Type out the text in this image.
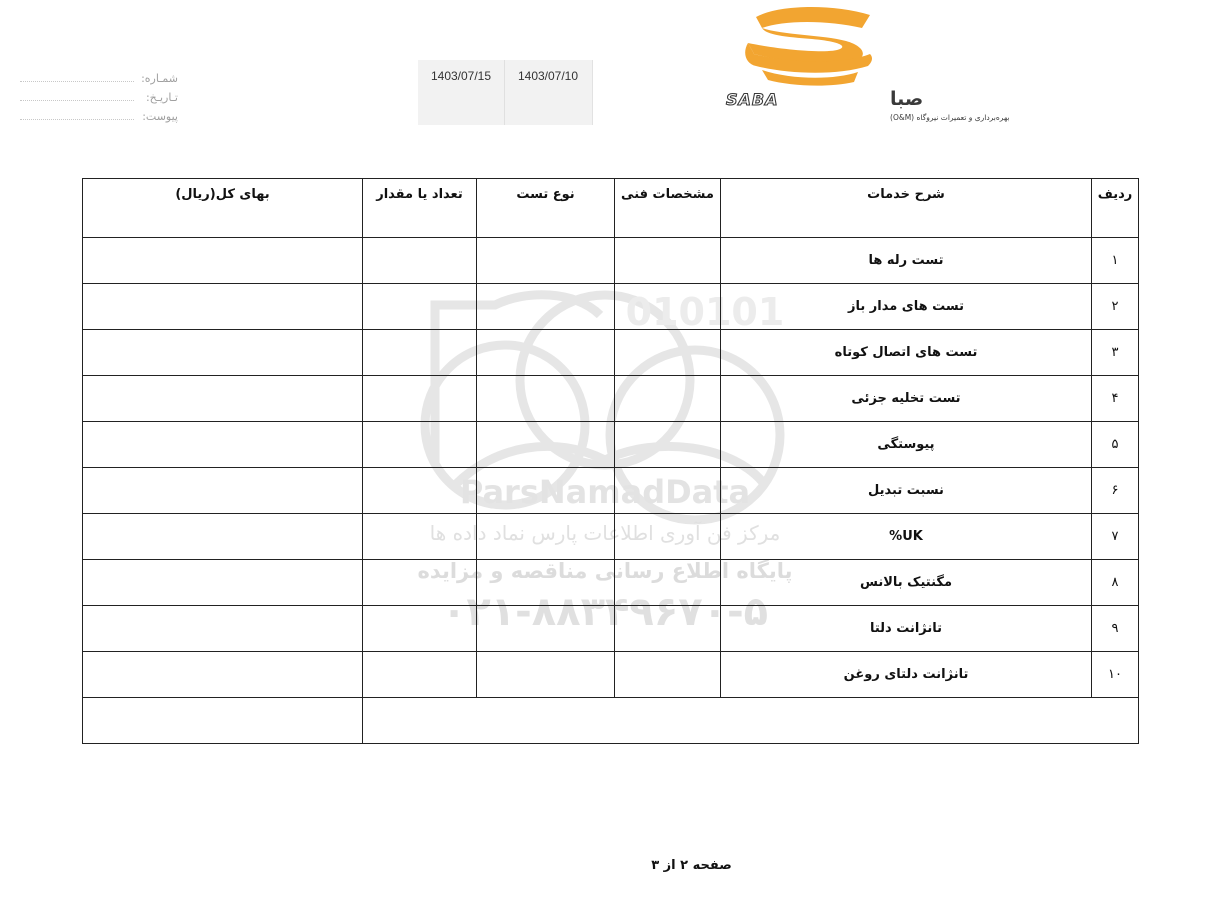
شمـاره:
تـاریـخ:
پیوست:
1403/07/15	1403/07/10
SABA	صبا
بهره‌برداری و تعمیرات نیروگاه (O&M)
010101
ParsNamadData
مرکز فن آوری اطلاعات پارس نماد داده ها
پایگاه اطلاع رسانی مناقصه و مزایده
۰۲۱-۸۸۳۴۹۶۷۰-۵
ردیف	شرح خدمات	مشخصات فنی	نوع تست	تعداد یا مقدار	بهای کل(ریال)
۱	تست رله ها				
۲	تست های مدار باز				
۳	تست های اتصال کوتاه				
۴	تست تخلیه جزئی				
۵	پیوستگی				
۶	نسبت تبدیل				
۷	UK%				
۸	مگنتیک بالانس				
۹	تانژانت دلتا				
۱۰	تانژانت دلتای روغن				

صفحه ۲ از ۳
